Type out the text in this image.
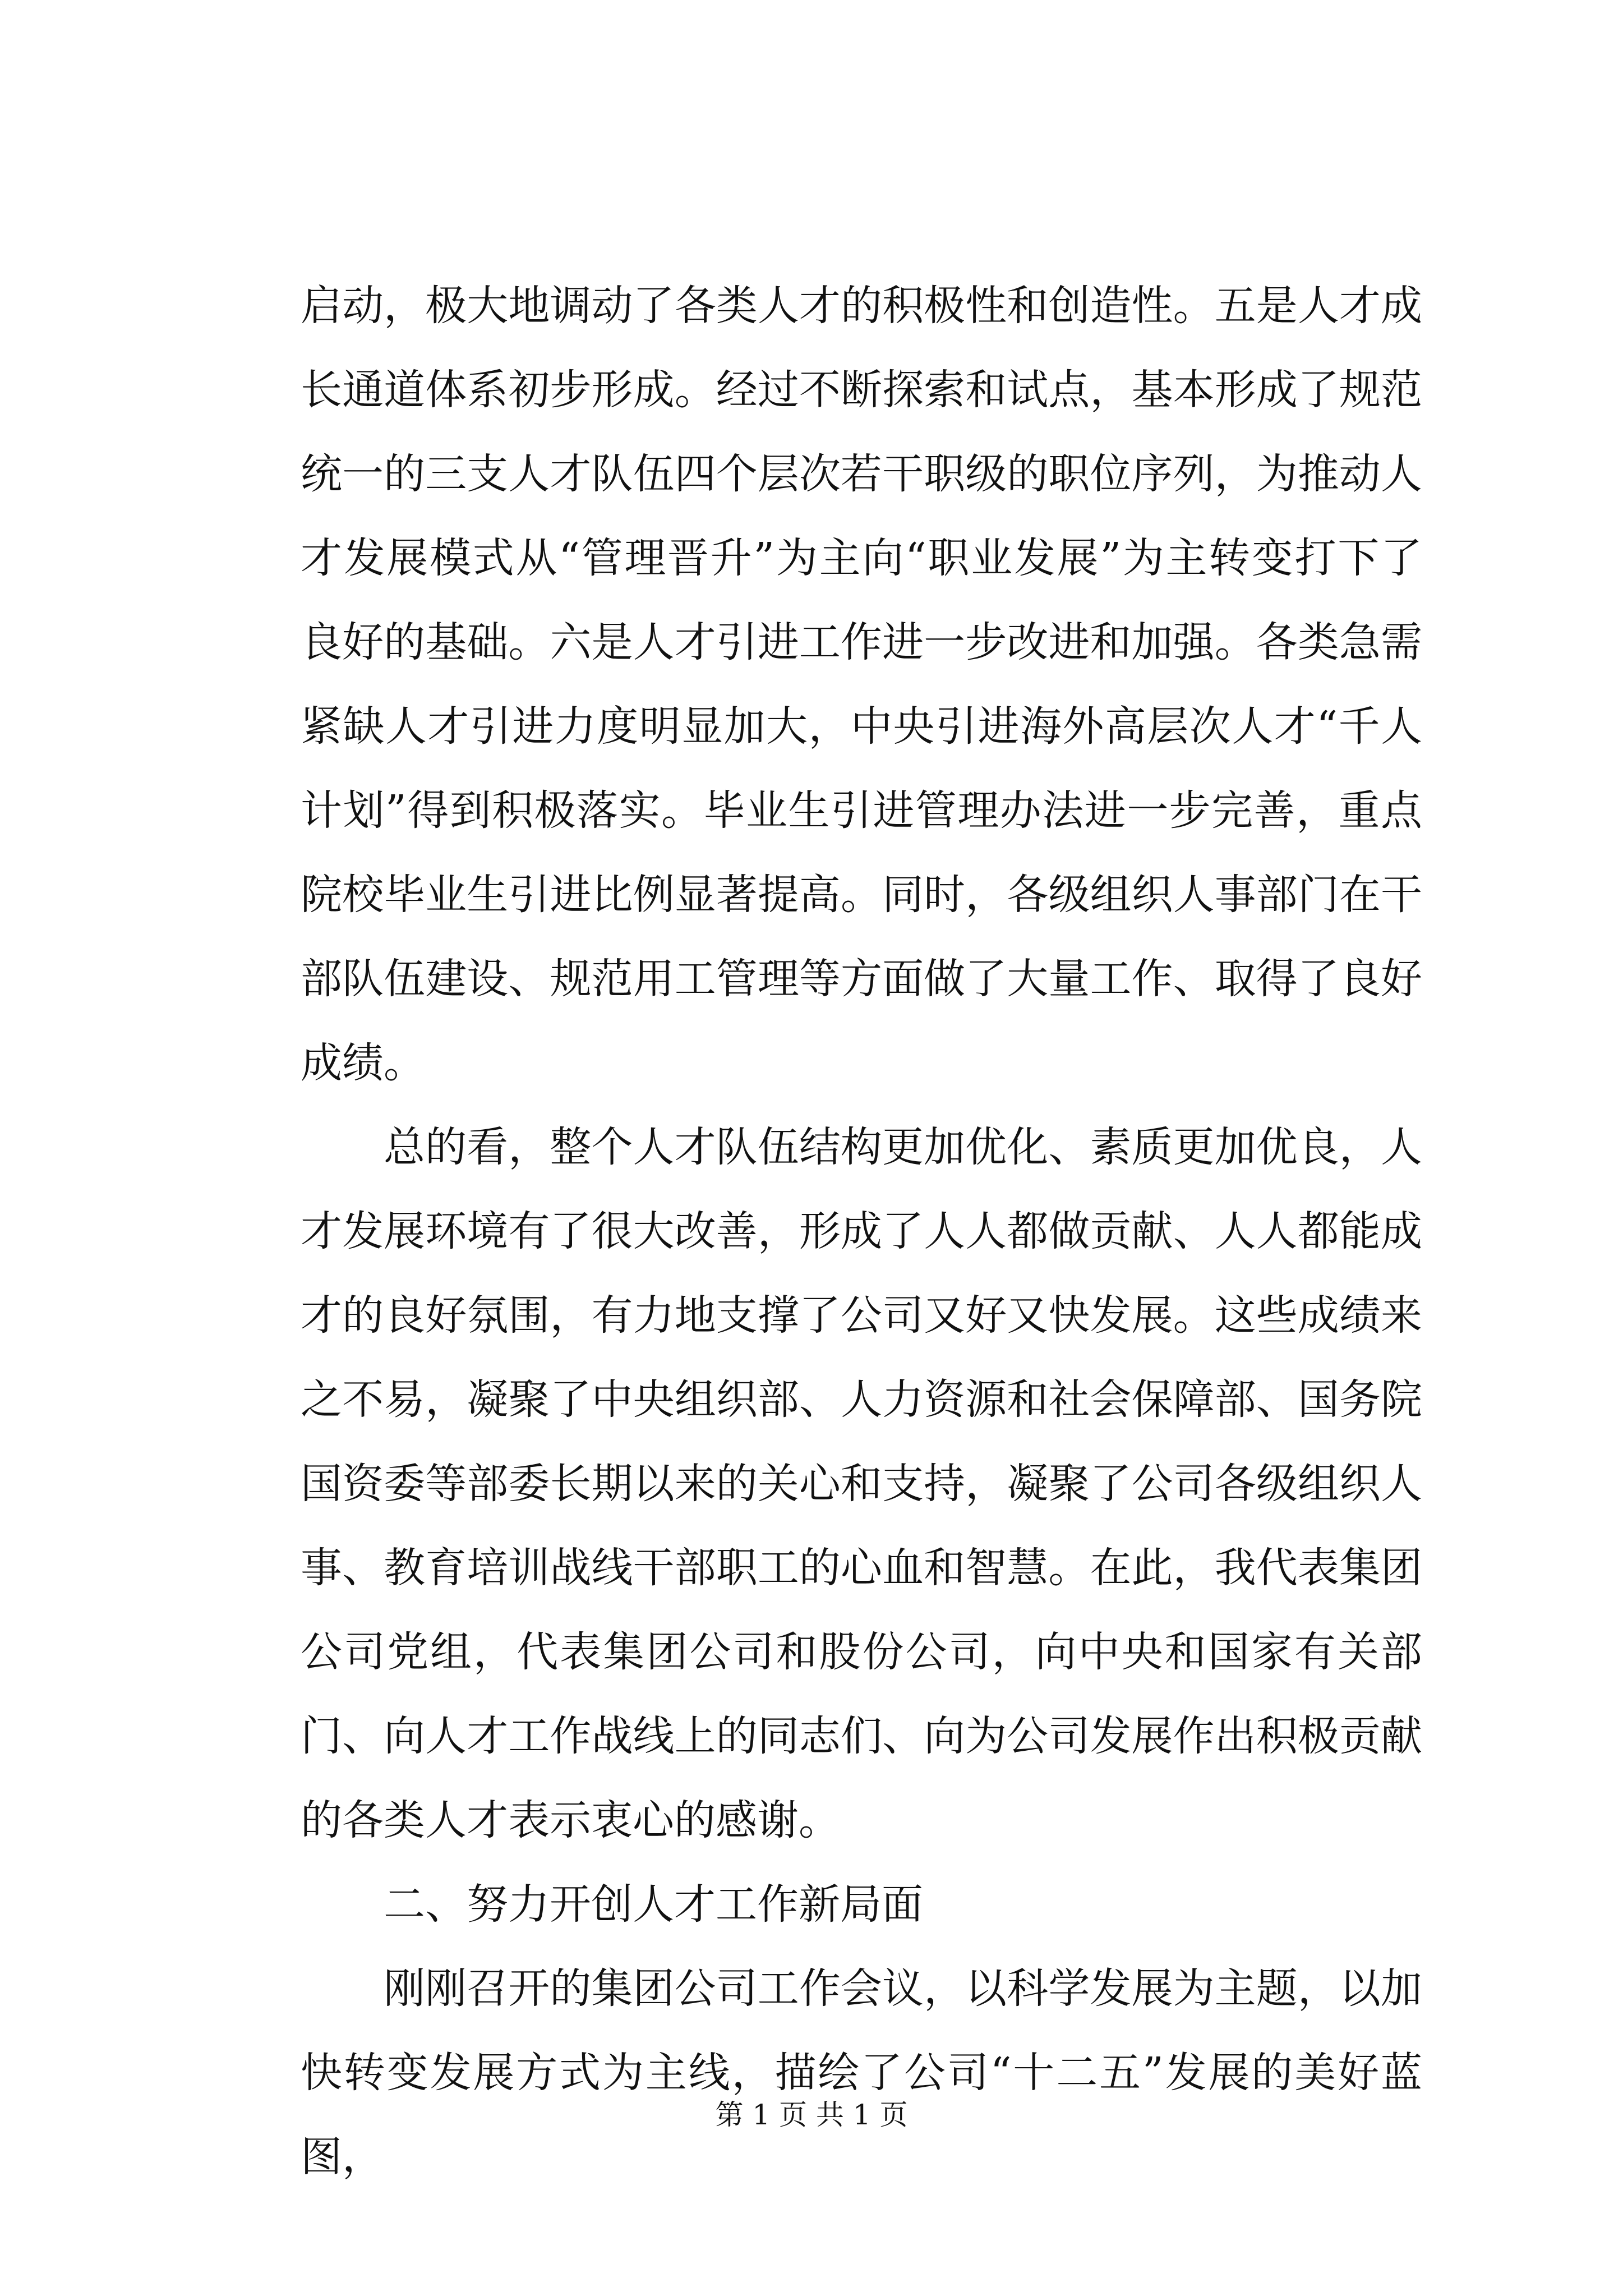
启动，极大地调动了各类人才的积极性和创造性。五是人才成长通道体系初步形成。经过不断探索和试点，基本形成了规范统一的三支人才队伍四个层次若干职级的职位序列，为推动人才发展模式从“管理晋升”为主向“职业发展”为主转变打下了良好的基础。六是人才引进工作进一步改进和加强。各类急需紧缺人才引进力度明显加大，中央引进海外高层次人才“千人计划”得到积极落实。毕业生引进管理办法进一步完善，重点院校毕业生引进比例显著提高。同时，各级组织人事部门在干部队伍建设、规范用工管理等方面做了大量工作、取得了良好成绩。

总的看，整个人才队伍结构更加优化、素质更加优良，人才发展环境有了很大改善，形成了人人都做贡献、人人都能成才的良好氛围，有力地支撑了公司又好又快发展。这些成绩来之不易，凝聚了中央组织部、人力资源和社会保障部、国务院国资委等部委长期以来的关心和支持，凝聚了公司各级组织人事、教育培训战线干部职工的心血和智慧。在此，我代表集团公司党组，代表集团公司和股份公司，向中央和国家有关部门、向人才工作战线上的同志们、向为公司发展作出积极贡献的各类人才表示衷心的感谢。

二、努力开创人才工作新局面

刚刚召开的集团公司工作会议，以科学发展为主题，以加快转变发展方式为主线，描绘了公司“十二五”发展的美好蓝图，

第 1 页 共 1 页
